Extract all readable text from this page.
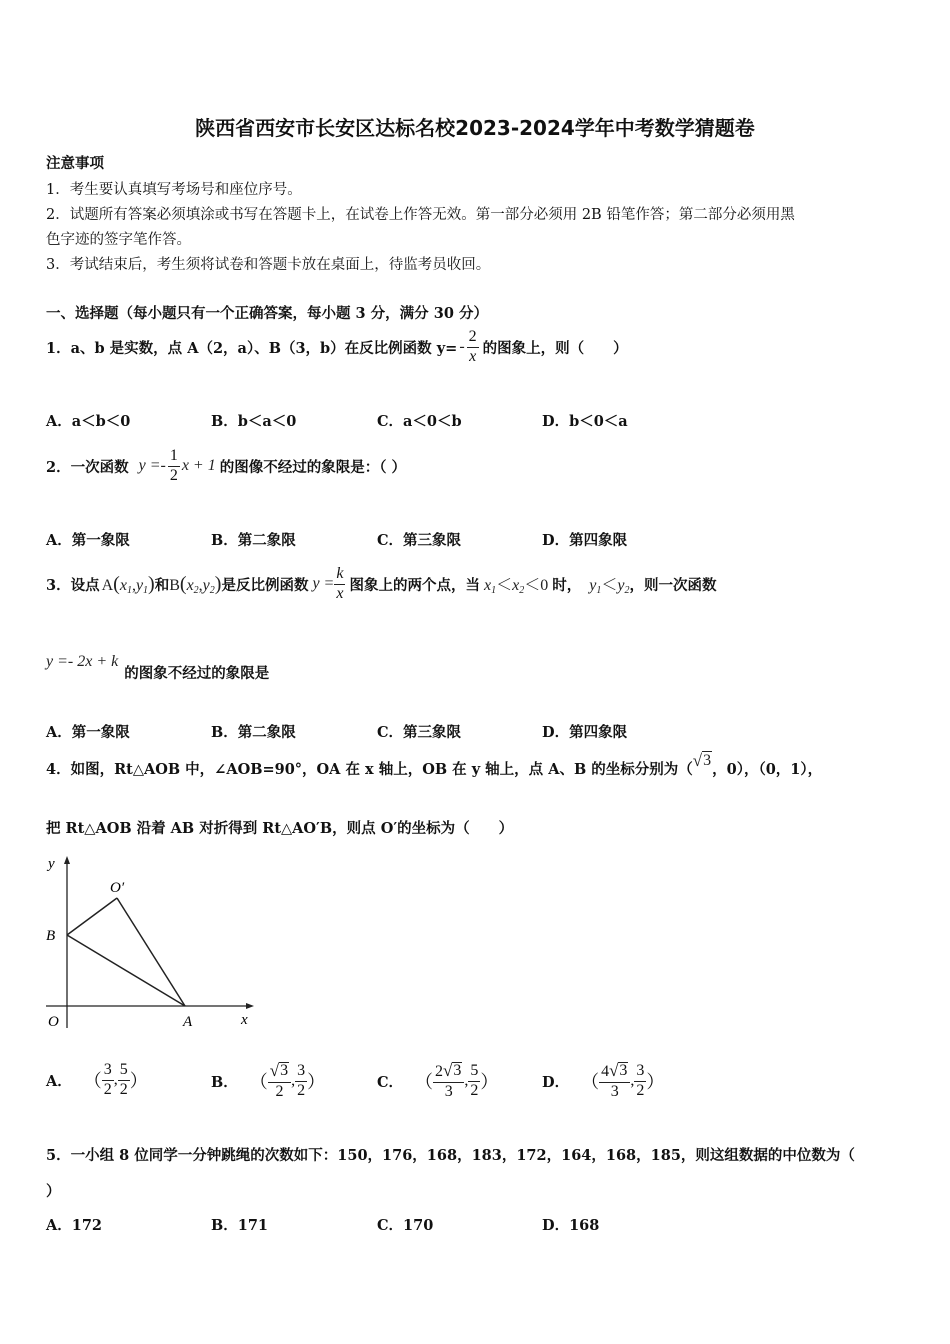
陕西省西安市长安区达标名校2023-2024学年中考数学猜题卷
注意事项
1．考生要认真填写考场号和座位序号。
2．试题所有答案必须填涂或书写在答题卡上，在试卷上作答无效。第一部分必须用 2B 铅笔作答；第二部分必须用黑
色字迹的签字笔作答。
3．考试结束后，考生须将试卷和答题卡放在桌面上，待监考员收回。
一、选择题（每小题只有一个正确答案，每小题 3 分，满分 30 分）
1．a、b 是实数，点 A（2，a）、B（3，b）在反比例函数 $y= - \frac{2}{x}$ 的图象上，则（　　）
A．a＜b＜0	B．b＜a＜0	C．a＜0＜b	D．b＜0＜a
2．一次函数 $y =- \frac{1}{2}$ x + 1 的图像不经过的象限是：（ ）
A．第一象限	B．第二象限	C．第三象限	D．第四象限
3．设点 $A(x_1,y_1)$ 和 $B(x_2,y_2)$ 是反比例函数 $y = \frac{k}{x}$ 图象上的两个点，当 $x_1<x_2<0$ 时， $y_1<y_2$ ，则一次函数
y =- 2x + k
的图象不经过的象限是
A．第一象限	B．第二象限	C．第三象限	D．第四象限
4．如图，Rt△AOB 中，∠AOB=90°，OA 在 x 轴上，OB 在 y 轴上，点 A、B 的坐标分别为（ √ 3
，0），（0，1），
把 Rt△AOB 沿着 AB 对折得到 Rt△AO′B，则点 O′的坐标为（　　）
y
x
O	A
B
O′
A． （ $\frac{3}{2}$ , $\frac{5}{2}$ ）	B． （ $\frac{√ 3}{2}$ , $\frac{3}{2}$ ）	C． （ $\frac{2 √ 3}{3}$ , $\frac{5}{2}$ ）	D． （ $\frac{4 √ 3}{3}$ , $\frac{3}{2}$ ）
5．一小组 8 位同学一分钟跳绳的次数如下：150，176，168，183，172，164，168，185，则这组数据的中位数为（
）
A．172	B．171	C．170	D．168
